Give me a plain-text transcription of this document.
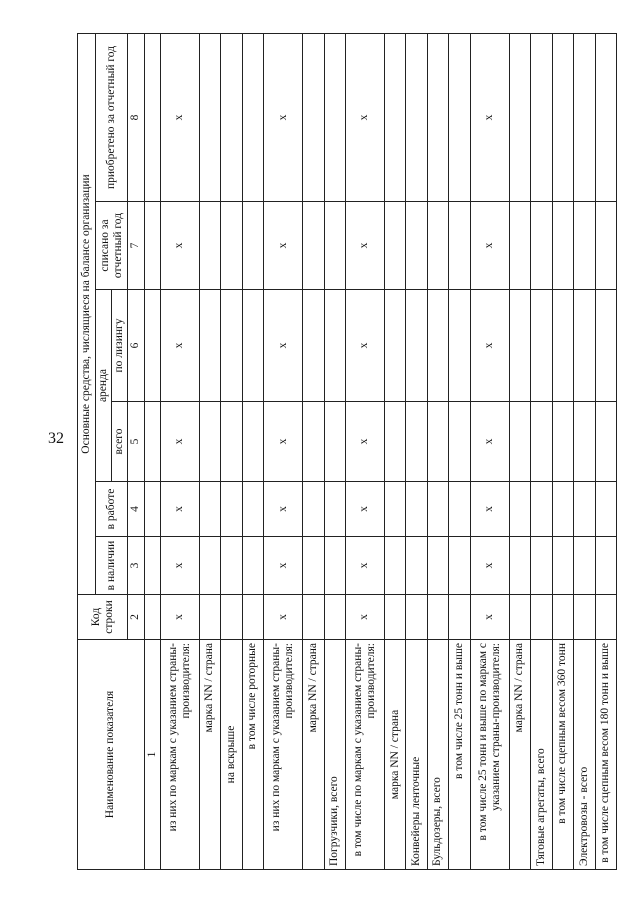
32
Наименование показателя	Код строки	Основные средства, числящиеся на балансе организации					
		в наличии	в работе	аренда		списано за отчетный год	приобретено за отчетный год
				всего	по лизингу		
	2	3	4	5	6	7	8
1							
из них по маркам с указанием страны-производителя:	x	x	x	x	x	x	x
марка NN / страна							
на вскрыше							
в том числе роторные							
из них по маркам с указанием страны-производителя:	x	x	x	x	x	x	x
марка NN / страна							
Погрузчики, всего							
в том числе по маркам с указанием страны-производителя:	x	x	x	x	x	x	x
марка NN / страна							
Конвейеры ленточные							
Бульдозеры, всего							
в том числе 25 тонн и выше							
в том числе 25 тонн и выше по маркам с указанием страны-производителя:	x	x	x	x	x	x	x
марка NN / страна							
Тяговые агрегаты, всего							
в том числе сцепным весом 360 тонн							
Электровозы - всего							
в том числе сцепным весом 180 тонн и выше							
